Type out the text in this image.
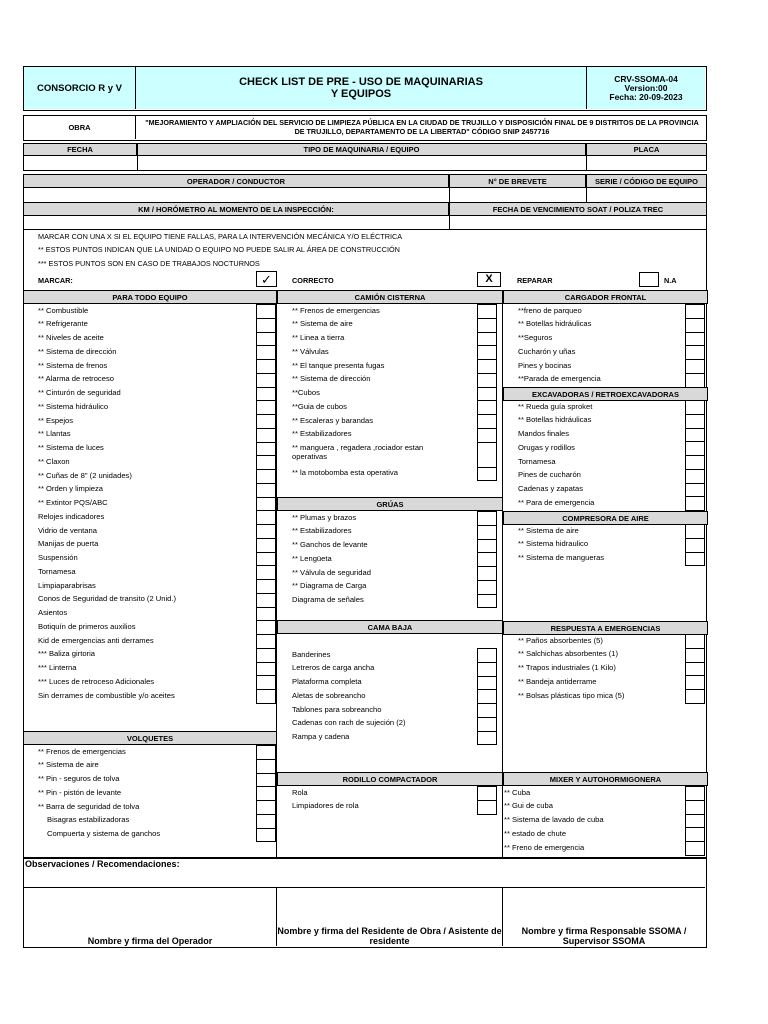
CONSORCIO R y V	CHECK LIST DE PRE - USO DE MAQUINARIAS
Y EQUIPOS
CRV-SSOMA-04
Version:00
Fecha: 20-09-2023
OBRA
"MEJORAMIENTO Y AMPLIACIÓN DEL SERVICIO DE LIMPIEZA PÚBLICA EN LA CIUDAD DE TRUJILLO Y DISPOSICIÓN FINAL DE 9 DISTRITOS DE LA PROVINCIA DE TRUJILLO, DEPARTAMENTO DE LA LIBERTAD" CÓDIGO SNIP 2457716
FECHA	TIPO DE MAQUINARIA / EQUIPO	PLACA
OPERADOR / CONDUCTOR	N° DE BREVETE	SERIE / CÓDIGO DE EQUIPO
KM / HORÓMETRO AL MOMENTO DE LA INSPECCIÓN:	FECHA DE VENCIMIENTO SOAT / POLIZA TREC
MARCAR CON UNA X SI EL EQUIPO TIENE FALLAS, PARA LA INTERVENCIÓN MECÁNICA Y/O ELÉCTRICA
** ESTOS PUNTOS INDICAN QUE LA UNIDAD O EQUIPO NO PUEDE SALIR AL ÁREA DE CONSTRUCCIÓN
*** ESTOS PUNTOS SON EN CASO DE TRABAJOS NOCTURNOS
MARCAR:	✓	CORRECTO	X	REPARAR	N.A
PARA TODO EQUIPO
** Combustible
** Refrigerante
** Niveles de aceite
** Sistema de dirección
** Sistema de frenos
** Alarma de retroceso
** Cinturón de seguridad
** Sistema hidráulico
** Espejos
** Llantas
** Sistema de luces
** Claxon
** Cuñas de 8" (2 unidades)
** Orden y limpieza
** Extintor PQS/ABC
Relojes indicadores
Vidrio de ventana
Manijas de puerta
Suspensión
Tornamesa
Limpiaparabrisas
Conos de Seguridad de transito (2 Unid.)
Asientos
Botiquín de primeros auxilios
Kid de emergencias anti derrames
*** Baliza girtoria
*** Linterna
*** Luces de retroceso Adicionales
Sin derrames de combustible y/o aceites
VOLQUETES
** Frenos de emergencias
** Sistema de aire
** Pin - seguros de tolva
** Pin - pistón de levante
** Barra de seguridad de tolva
Bisagras estabilizadoras
Compuerta y sistema de ganchos
CAMIÓN CISTERNA
** Frenos de emergencias
** Sistema de aire
** Linea a tierra
** Válvulas
** El tanque presenta fugas
** Sistema de dirección
**Cubos
**Guia de cubos
** Escaleras y barandas
** Estabilizadores
** manguera , regadera ,rociador estan operativas
** la motobomba esta operativa
GRÚAS
** Plumas y brazos
** Estabilizadores
** Ganchos de levante
** Lengüeta
** Válvula de seguridad
** Diagrama de Carga
Diagrama de señales
CAMA BAJA
Banderines
Letreros de carga ancha
Plataforma completa
Aletas de sobreancho
Tablones para sobreancho
Cadenas con rach de sujeción (2)
Rampa y cadena
RODILLO COMPACTADOR
Rola
Limpiadores de rola
CARGADOR FRONTAL
**freno de parqueo
** Botellas hidráulicas
**Seguros
Cucharón y uñas
Pines y bocinas
**Parada de emergencia
EXCAVADORAS / RETROEXCAVADORAS
** Rueda guía sproket
** Botellas hidráulicas
Mandos finales
Orugas y rodillos
Tornamesa
Pines de cucharón
Cadenas y zapatas
** Para de emergencia
COMPRESORA DE AIRE
** Sistema de aire
** Sistema hidraulico
** Sistema de mangueras
RESPUESTA A EMERGENCIAS
** Paños absorbentes (5)
** Salchichas absorbentes (1)
** Trapos industriales (1 Kilo)
** Bandeja antiderrame
** Bolsas plásticas tipo mica (5)
MIXER Y AUTOHORMIGONERA
** Cuba
** Gui de cuba
** Sistema de lavado de cuba
** estado de chute
** Freno de emergencia
Observaciones / Recomendaciones:
Nombre y firma del Operador
Nombre y firma del Residente de Obra / Asistente de residente
Nombre y firma Responsable SSOMA / Supervisor SSOMA
